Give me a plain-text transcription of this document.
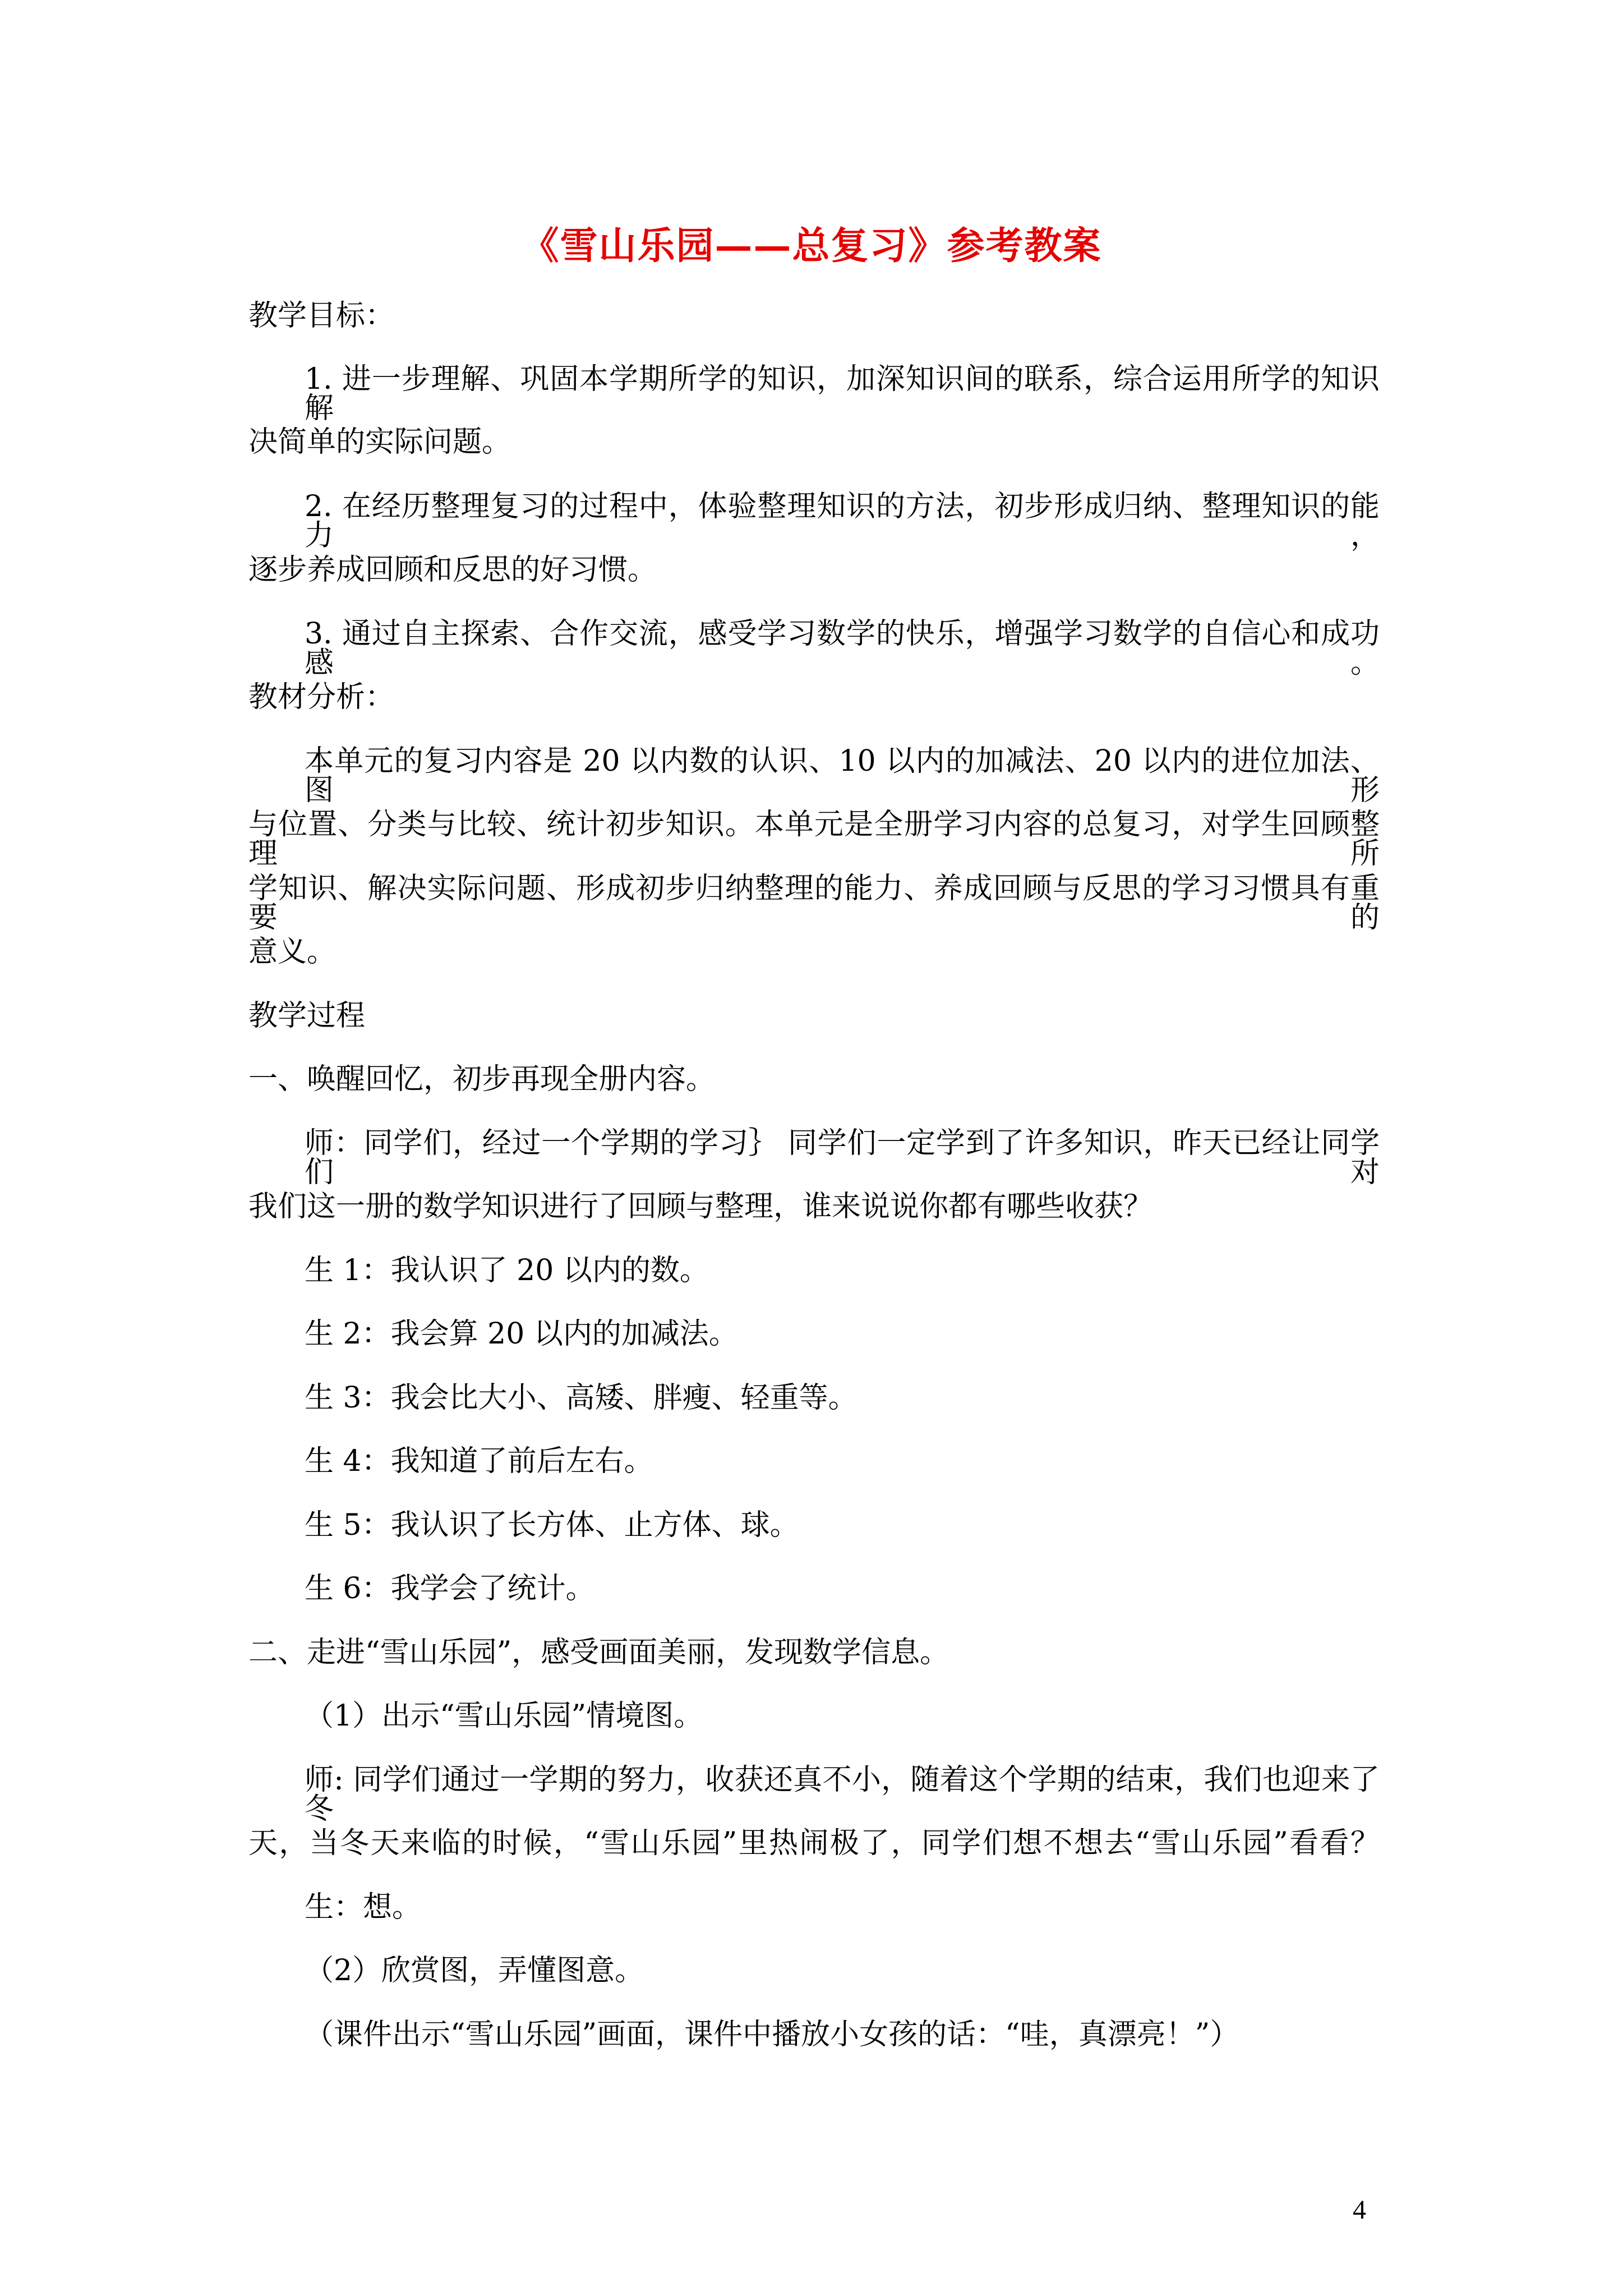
《雪山乐园——总复习》参考教案
教学目标：
1. 进一步理解、巩固本学期所学的知识，加深知识间的联系，综合运用所学的知识解
决简单的实际问题。
2. 在经历整理复习的过程中，体验整理知识的方法，初步形成归纳、整理知识的能力，
逐步养成回顾和反思的好习惯。
3. 通过自主探索、合作交流，感受学习数学的快乐，增强学习数学的自信心和成功感。
教材分析：
本单元的复习内容是 20 以内数的认识、10 以内的加减法、20 以内的进位加法、图形
与位置、分类与比较、统计初步知识。本单元是全册学习内容的总复习，对学生回顾整理所
学知识、解决实际问题、形成初步归纳整理的能力、养成回顾与反思的学习习惯具有重要的
意义。
教学过程
一、唤醒回忆，初步再现全册内容。
师：同学们，经过一个学期的学习｝ 同学们一定学到了许多知识，昨天已经让同学们对
我们这一册的数学知识进行了回顾与整理，谁来说说你都有哪些收获？
生 1：我认识了 20 以内的数。
生 2：我会算 20 以内的加减法。
生 3：我会比大小、高矮、胖瘦、轻重等。
生 4：我知道了前后左右。
生 5：我认识了长方体、止方体、球。
生 6：我学会了统计。
二、走进“雪山乐园”，感受画面美丽，发现数学信息。
（1）出示“雪山乐园”情境图。
师: 同学们通过一学期的努力，收获还真不小，随着这个学期的结束，我们也迎来了冬
天，当冬天来临的时候，“雪山乐园”里热闹极了，同学们想不想去“雪山乐园”看看？
生：想。
（2）欣赏图，弄懂图意。
（课件出示“雪山乐园”画面，课件中播放小女孩的话：“哇，真漂亮！”）
4
